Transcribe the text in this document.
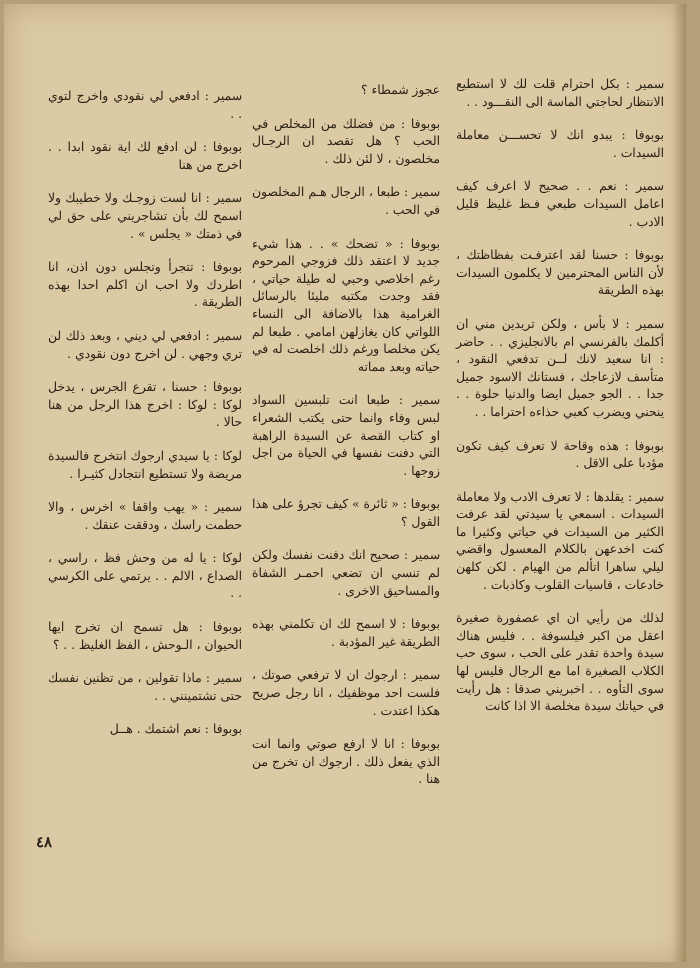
سمير : بكل احترام قلت لك لا استطيع الانتظار لحاجتي الماسة الى النقـــود . .

بوبوفا : يبدو انك لا تحســـن معاملة السيدات .

سمير : نعم . . صحيح لا اعرف كيف اعامل السيدات طبعي فـظ غليظ قليل الادب .

بوبوفا : حسنا لقد اعترفـت بفظاظتك ، لأن الناس المحترمين لا يكلمون السيدات بهذه الطريقة

سمير : لا بأس ، ولكن تريدين مني ان أكلمك بالفرنسي ام بالانجليزي . . حاضر : انا سعيد لانك لــن تدفعي النقود ، متأسف لازعاجك ، فستانك الاسود جميل جدا . . الجو جميل ايضا والدنيا حلوة . . ينحني ويضرب كعبي حذاءه احتراما . .

بوبوفا : هذه وقاحة لا تعرف كيف تكون مؤدبا على الاقل .

سمير : يقلدها : لا تعرف الادب ولا معاملة السيدات . اسمعي يا سيدتي لقد عرفت الكثير من السيدات في حياتي وكثيرا ما كنت اخدعهن بالكلام المعسول واقضي ليلي ساهرا اتألم من الهيام . لكن كلهن خادعات ، قاسيات القلوب وكاذبات .

لذلك من رأيي ان اي عصفورة صغيرة اعقل من اكبر فيلسوفة . . فليس هناك سيدة واحدة تقدر على الحب ، سوى حب الكلاب الصغيرة اما مع الرجال فليس لها سوى التأوه . . اخبريني صدقا : هل رأيت في حياتك سيدة مخلصة الا اذا كانت

عجوز شمطاء ؟

بوبوفا : من فضلك من المخلص في الحب ؟ هل تقصد ان الرجـال مخلصون ، لا لئن ذلك .

سمير : طبعا ، الرجال هـم المخلصون في الحب .

بوبوفا : « تضحك » . . هذا شيء جديد لا اعتقد ذلك فزوجي المرحوم رغم اخلاصي وحبي له طيلة حياتي ، فقد وجدت مكتبه مليئا بالرسائل الغرامية هذا بالاضافة الى النساء اللواتي كان يغازلهن امامي . طبعا لم يكن مخلصا ورغم ذلك اخلصت له في حياته وبعد مماته

سمير : طبعا انت تلبسين السواد لبس وفاء وانما حتى يكتب الشعراء او كتاب القصة عن السيدة الراهبة التي دفنت نفسها في الحياة من اجل زوجها .

بوبوفا : « ثائرة » كيف تجرؤ على هذا القول ؟

سمير : صحيح انك دفنت نفسك ولكن لم تنسي ان تضعي احمـر الشفاة والمساحيق الاخرى .

بوبوفا : لا اسمح لك ان تكلمني بهذه الطريقة غير المؤدبة .

سمير : ارجوك ان لا ترفعي صوتك ، فلست احد موظفيك ، انا رجل صريح هكذا اعتدت .

بوبوفا : انا لا ارفع صوتي وانما انت الذي يفعل ذلك . ارجوك ان تخرج من هنا .

سمير : ادفعي لي نقودي واخرج لتوي . .

بوبوفا : لن ادفع لك اية نقود ابدا . . اخرج من هنا

سمير : انا لست زوجـك ولا خطيبك ولا اسمح لك بأن تشاجريني على حق لي في ذمتك « يجلس » .

بوبوفا : تتجرأ وتجلس دون اذن، انا اطردك ولا احب ان اكلم احدا بهذه الطريقة .

سمير : ادفعي لي ديني ، وبعد ذلك لن تري وجهي . لن اخرج دون نقودي .

بوبوفا : حسنا ، تقرع الجرس ، يدخل لوكا : لوكا : اخرج هذا الرجل من هنا حالا .

لوكا : يا سيدي ارجوك انتخرج فالسيدة مريضة ولا تستطيع انتجادل كثيـرا .

سمير : « يهب واقفا » اخرس ، والا حطمت راسك ، ودققت عنقك .

لوكا : يا له من وحش فظ ، راسي ، الصداع ، الالم . . يرتمي على الكرسي . .

بوبوفا : هل تسمح ان تخرج ايها الحيوان ، الـوحش ، الفظ الغليظ . . ؟

سمير : ماذا تقولين ، من تظنين نفسك حتى تشتمينني . .

بوبوفا : نعم اشتمك . هــل

٤٨
